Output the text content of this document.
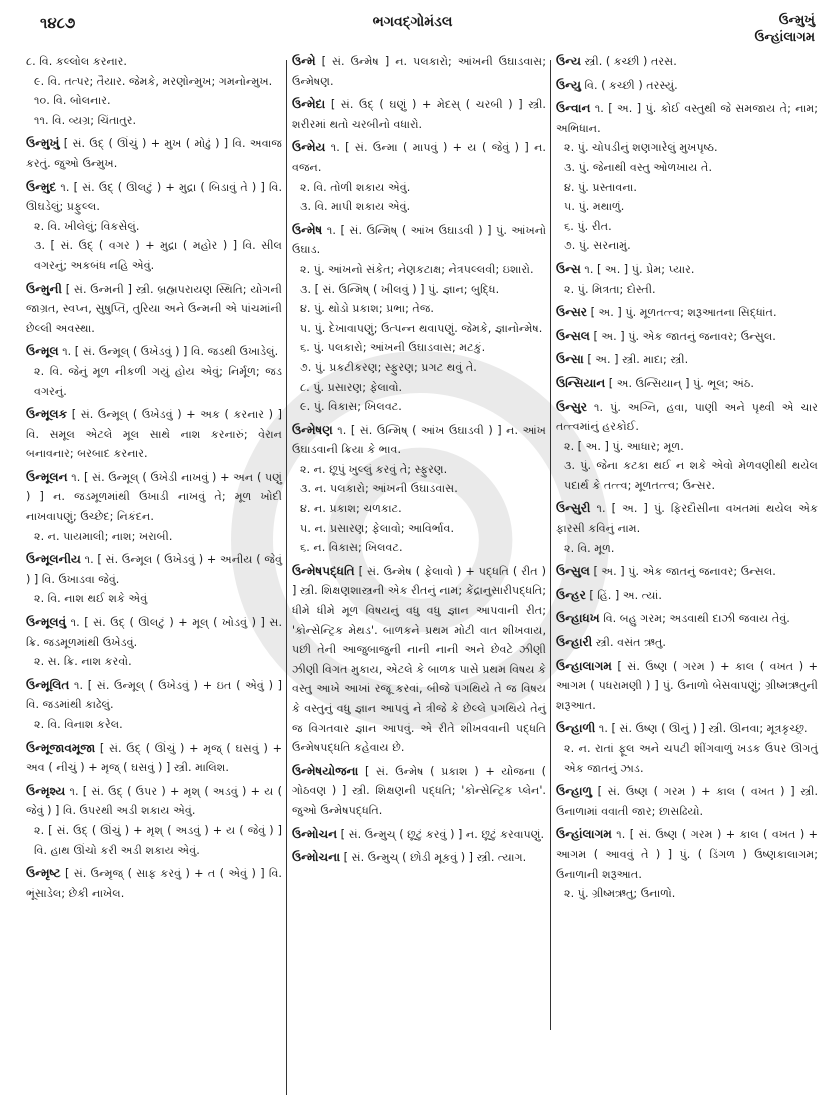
૧૪૮૭	ભગવદ્ગોમંડલ	ઉન્મુખું
ઉન્હાંલાગમ
૮. વિ. કલ્લોલ કરનાર.
૯. વિ. તત્પર; તૈયાર. જેમકે, મરણોન્મુખ; ગમનોન્મુખ.
૧૦. વિ. બોલનાર.
૧૧. વિ. વ્યગ્ર; ચિંતાતુર.
ઉન્મુખું [ સં. ઉદ્ ( ઊંચું ) + મુખ ( મોઢું ) ] વિ. અવાજ કરતું. જુઓ ઉન્મુખ.
ઉન્મુદ ૧. [ સં. ઉદ્ ( ઊલટું ) + મુદ્રા ( બિડાવું તે ) ] વિ. ઊઘડેલું; પ્રફુલ્લ.
૨. વિ. ખીલેલું; વિકસેલું.
૩. [ સં. ઉદ્ ( વગર ) + મુદ્રા ( મહોર ) ] વિ. સીલ વગરનું; અકબંધ નહિ એવું.
ઉન્મુની [ સં. ઉન્મની ] સ્ત્રી. બ્રહ્મપરાયણ સ્થિતિ; યોગની જાગ્રત, સ્વપ્ન, સુષુપ્તિ, તુરિયા અને ઉન્મની એ પાંચમાંની છેલ્લી અવસ્થા.
ઉન્મૂલ ૧. [ સં. ઉન્મૂલ્ ( ઉખેડવું ) ] વિ. જડથી ઉખાડેલું.
૨. વિ. જેનું મૂળ નીકળી ગયું હોય એવું; નિર્મૂળ; જડ વગરનું.
ઉન્મૂલક [ સં. ઉન્મૂલ્ ( ઉખેડવું ) + અક ( કરનાર ) ] વિ. સમૂલ એટલે મૂલ સાથે નાશ કરનારું; વેરાન બનાવનાર; બરબાદ કરનાર.
ઉન્મૂલન ૧. [ સં. ઉન્મૂલ્ ( ઉખેડી નાખવું ) + અન ( પણું ) ] ન. જડમૂળમાંથી ઉખાડી નાખવું તે; મૂળ ખોદી નાખવાપણું; ઉચ્છેદ; નિકંદન.
૨. ન. પાયમાલી; નાશ; ખરાબી.
ઉન્મૂલનીય ૧. [ સં. ઉન્મૂલ ( ઉખેડવું ) + અનીય ( જેવું ) ] વિ. ઉખાડવા જેવું.
૨. વિ. નાશ થઈ શકે એવું
ઉન્મૂલવું ૧. [ સં. ઉદ્ ( ઊલટું ) + મૂલ્ ( ખોડવું ) ] સ. ક્રિ. જડમૂળમાંથી ઉખેડવું.
૨. સ. ક્રિ. નાશ કરવો.
ઉન્મૂલિત ૧. [ સં. ઉન્મૂલ્ ( ઉખેડવું ) + ઇત ( એવું ) ] વિ. જડમાંથી કાઢેલું.
૨. વિ. વિનાશ કરેલ.
ઉન્મૂજાવમૂજા [ સં. ઉદ્ ( ઊંચું ) + મૃજ્ ( ઘસવું ) + અવ ( નીચું ) + મૃજ્ ( ઘસવું ) ] સ્ત્રી. માલિશ.
ઉન્મૃશ્ય ૧. [ સં. ઉદ્ ( ઉપર ) + મૃશ્ ( અડવું ) + ય ( જેવું ) ] વિ. ઉપરથી અડી શકાય એવું.
૨. [ સં. ઉદ્ ( ઊંચું ) + મૃશ્ ( અડવું ) + ય ( જેવું ) ] વિ. હાથ ઊંચો કરી અડી શકાય એવું.
ઉન્મૃષ્ટ [ સં. ઉન્મૃજ્ ( સાફ કરવું ) + ત ( એવું ) ] વિ. ભૂંસાડેલ; છેકી નાખેલ.
ઉન્મે [ સં. ઉન્મેષ ] ન. પલકારો; આંખની ઉઘાડવાસ; ઉન્મેષણ.
ઉન્મેદા [ સં. ઉદ્ ( ઘણું ) + મેદસ્ ( ચરબી ) ] સ્ત્રી. શરીરમાં થતો ચરબીનો વધારો.
ઉન્મેય ૧. [ સં. ઉન્મા ( માપવું ) + ય ( જેવું ) ] ન. વજન.
૨. વિ. તોળી શકાય એવું.
૩. વિ. માપી શકાય એવું.
ઉન્મેષ ૧. [ સં. ઉન્મિષ્ ( આંખ ઉઘાડવી ) ] પું. આંખનો ઉઘાડ.
૨. પું. આંખનો સંકેત; નેણકટાક્ષ; નેત્રપલ્લવી; ઇશારો.
૩. [ સં. ઉન્મિષ્ ( ખીલવું ) ] પું. જ્ઞાન; બુદ્ધિ.
૪. પું. થોડો પ્રકાશ; પ્રભા; તેજ.
૫. પું. દેખાવાપણું; ઉત્પન્ન થવાપણું. જેમકે, જ્ઞાનોન્મેષ.
૬. પું. પલકારો; આંખની ઉઘાડવાસ; મટકું.
૭. પું. પ્રકટીકરણ; સ્ફુરણ; પ્રગટ થવું તે.
૮. પું. પ્રસારણ; ફેલાવો.
૯. પું. વિકાસ; ખિલવટ.
ઉન્મેષણ ૧. [ સં. ઉન્મિષ્ ( આંખ ઉઘાડવી ) ] ન. આંખ ઉઘાડવાની ક્રિયા કે ભાવ.
૨. ન. છૂપું ખુલ્લું કરવું તે; સ્ફુરણ.
૩. ન. પલકારો; આંખની ઉઘાડવાસ.
૪. ન. પ્રકાશ; ચળકાટ.
૫. ન. પ્રસારણ; ફેલાવો; આવિર્ભાવ.
૬. ન. વિકાસ; ખિલવટ.
ઉન્મેષપદ્ધતિ [ સં. ઉન્મેષ ( ફેલાવો ) + પદ્ધતિ ( રીત ) ] સ્ત્રી. શિક્ષણશાસ્ત્રની એક રીતનું નામ; કેંદ્રાનુસારીપદ્ધતિ; ધીમે ધીમે મૂળ વિષયનું વધુ વધુ જ્ઞાન આપવાની રીત; 'કોન્સેન્ટ્રિક મેથડ'. બાળકને પ્રથમ મોટી વાત શીખવાય, પછી તેની આજુબાજુની નાની નાની અને છેવટે ઝીણી ઝીણી વિગત મુકાય, એટલે કે બાળક પાસે પ્રથમ વિષય કે વસ્તુ આખે આખાં રજૂ કરવાં, બીજે પગથિયે તે જ વિષય કે વસ્તુનું વધુ જ્ઞાન આપવું ને ત્રીજે કે છેલ્લે પગથિયે તેનું જ વિગતવાર જ્ઞાન આપવું. એ રીતે શીખવવાની પદ્ધતિ ઉન્મેષપદ્ધતિ કહેવાય છે.
ઉન્મેષયોજના [ સં. ઉન્મેષ ( પ્રકાશ ) + યોજના ( ગોઠવણ ) ] સ્ત્રી. શિક્ષણની પદ્ધતિ; 'કોન્સેન્ટ્રિક પ્લેન'. જુઓ ઉન્મેષપદ્ધતિ.
ઉન્મોચન [ સં. ઉન્મુચ્ ( છૂટું કરવું ) ] ન. છૂટું કરવાપણું.
ઉન્મોચના [ સં. ઉન્મુચ્ ( છોડી મૂકવું ) ] સ્ત્રી. ત્યાગ.
ઉન્ય સ્ત્રી. ( કચ્છી ) તરસ.
ઉન્યુ વિ. ( કચ્છી ) તરસ્યું.
ઉન્વાન ૧. [ અ. ] પું. કોઈ વસ્તુથી જે સમજાય તે; નામ; અભિધાન.
૨. પું. ચોપડીનું શણગારેલું મુખપૃષ્ઠ.
૩. પું. જેનાથી વસ્તુ ઓળખાય તે.
૪. પું. પ્રસ્તાવના.
૫. પું. મથાળું.
૬. પું. રીત.
૭. પું. સરનામું.
ઉન્સ ૧. [ અ. ] પું. પ્રેમ; પ્યાર.
૨. પું. મિત્રતા; દોસ્તી.
ઉન્સર [ અ. ] પું. મૂળતત્ત્વ; શરૂઆતના સિદ્ધાંત.
ઉન્સલ [ અ. ] પું. એક જાતનું જનાવર; ઉન્સુલ.
ઉન્સા [ અ. ] સ્ત્રી. માદા; સ્ત્રી.
ઉન્સિયાન [ અ. ઉન્સિયાન્ ] પું. ભૂલ; અંઠ.
ઉન્સુર ૧. પું. અગ્નિ, હવા, પાણી અને પૃથ્વી એ ચાર તત્ત્વમાંનું હરકોઈ.
૨. [ અ. ] પું. આધાર; મૂળ.
૩. પું. જેના કટકા થઈ ન શકે એવો મેળવણીથી થયેલ પદાર્થ કે તત્ત્વ; મૂળતત્ત્વ; ઉન્સર.
ઉન્સુરી ૧. [ અ. ] પું. ફિરદૌસીના વખતમાં થયેલ એક ફારસી કવિનું નામ.
૨. વિ. મૂળ.
ઉન્સુલ [ અ. ] પું. એક જાતનું જનાવર; ઉન્સલ.
ઉન્હર [ હિં. ] અ. ત્યાં.
ઉન્હાધખ વિ. બહુ ગરમ; અડવાથી દાઝી જવાય તેવું.
ઉન્હારી સ્ત્રી. વસંત ઋતુ.
ઉન્હાલાગમ [ સં. ઉષ્ણ ( ગરમ ) + કાલ ( વખત ) + આગમ ( પધરામણી ) ] પું. ઉનાળો બેસવાપણું; ગ્રીષ્મઋતુની શરૂઆત.
ઉન્હાળી ૧. [ સં. ઉષ્ણ ( ઊનું ) ] સ્ત્રી. ઊનવા; મૂત્રકૃચ્છ્ર.
૨. ન. રાતાં ફૂલ અને ચપટી શીંગવાળું ખડક ઉપર ઊગતું એક જાતનું ઝાડ.
ઉન્હાળુ [ સં. ઉષ્ણ ( ગરમ ) + કાલ ( વખત ) ] સ્ત્રી. ઉનાળામાં વવાતી જાર; છાસઢિયો.
ઉન્હાંલાગમ ૧. [ સં. ઉષ્ણ ( ગરમ ) + કાલ ( વખત ) + આગમ ( આવવું તે ) ] પું. ( ડિંગળ ) ઉષ્ણકાલાગમ; ઉનાળાની શરૂઆત.
૨. પું. ગ્રીષ્મઋતુ; ઉનાળો.
